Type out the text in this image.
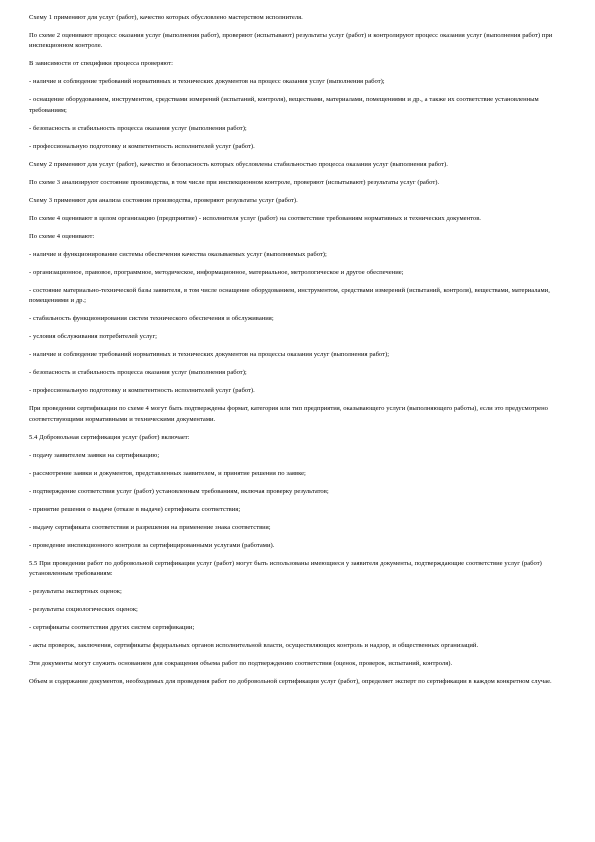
Схему 1 применяют для услуг (работ), качество которых обусловлено мастерством исполнителя.

По схеме 2 оценивают процесс оказания услуг (выполнения работ), проверяют (испытывают) результаты услуг (работ) и контролируют процесс оказания услуг (выполнения работ) при инспекционном контроле.

В зависимости от специфики процесса проверяют:

- наличие и соблюдение требований нормативных и технических документов на процесс оказания услуг (выполнения работ);

- оснащение оборудованием, инструментом, средствами измерений (испытаний, контроля), веществами, материалами, помещениями и др., а также их соответствие установленным требованиям;

- безопасность и стабильность процесса оказания услуг (выполнения работ);

- профессиональную подготовку и компетентность исполнителей услуг (работ).

Схему 2 применяют для услуг (работ), качество и безопасность которых обусловлены стабильностью процесса оказания услуг (выполнения работ).

По схеме 3 анализируют состояние производства, в том числе при инспекционном контроле, проверяют (испытывают) результаты услуг (работ).

Схему 3 применяют для анализа состояния производства, проверяют результаты услуг (работ).

По схеме 4 оценивают в целом организацию (предприятие) - исполнителя услуг (работ) на соответствие требованиям нормативных и технических документов.

По схеме 4 оценивают:

- наличие и функционирование системы обеспечения качества оказываемых услуг (выполняемых работ);

- организационное, правовое, программное, методическое, информационное, материальное, метрологическое и другое обеспечение;

- состояние материально-технической базы заявителя, в том числе оснащение оборудованием, инструментом, средствами измерений (испытаний, контроля), веществами, материалами, помещениями и др.;

- стабильность функционирования систем технического обеспечения и обслуживания;

- условия обслуживания потребителей услуг;

- наличие и соблюдение требований нормативных и технических документов на процессы оказания услуг (выполнения работ);

- безопасность и стабильность процесса оказания услуг (выполнения работ);

- профессиональную подготовку и компетентность исполнителей услуг (работ).

При проведении сертификации по схеме 4 могут быть подтверждены формат, категория или тип предприятия, оказывающего услуги (выполняющего работы), если это предусмотрено соответствующими нормативными и техническими документами.

5.4 Добровольная сертификация услуг (работ) включает:

- подачу заявителем заявки на сертификацию;

- рассмотрение заявки и документов, представленных заявителем, и принятие решения по заявке;

- подтверждение соответствия услуг (работ) установленным требованиям, включая проверку результатов;

- принятие решения о выдаче (отказе в выдаче) сертификата соответствия;

- выдачу сертификата соответствия и разрешения на применение знака соответствия;

- проведение инспекционного контроля за сертифицированными услугами (работами).

5.5 При проведении работ по добровольной сертификации услуг (работ) могут быть использованы имеющиеся у заявителя документы, подтверждающие соответствие услуг (работ) установленным требованиям:

- результаты экспертных оценок;

- результаты социологических оценок;

- сертификаты соответствия других систем сертификации;

- акты проверок, заключения, сертификаты федеральных органов исполнительной власти, осуществляющих контроль и надзор, и общественных организаций.

Эти документы могут служить основанием для сокращения объема работ по подтверждению соответствия (оценок, проверок, испытаний, контроля).

Объем и содержание документов, необходимых для проведения работ по добровольной сертификации услуг (работ), определяет эксперт по сертификации в каждом конкретном случае.
